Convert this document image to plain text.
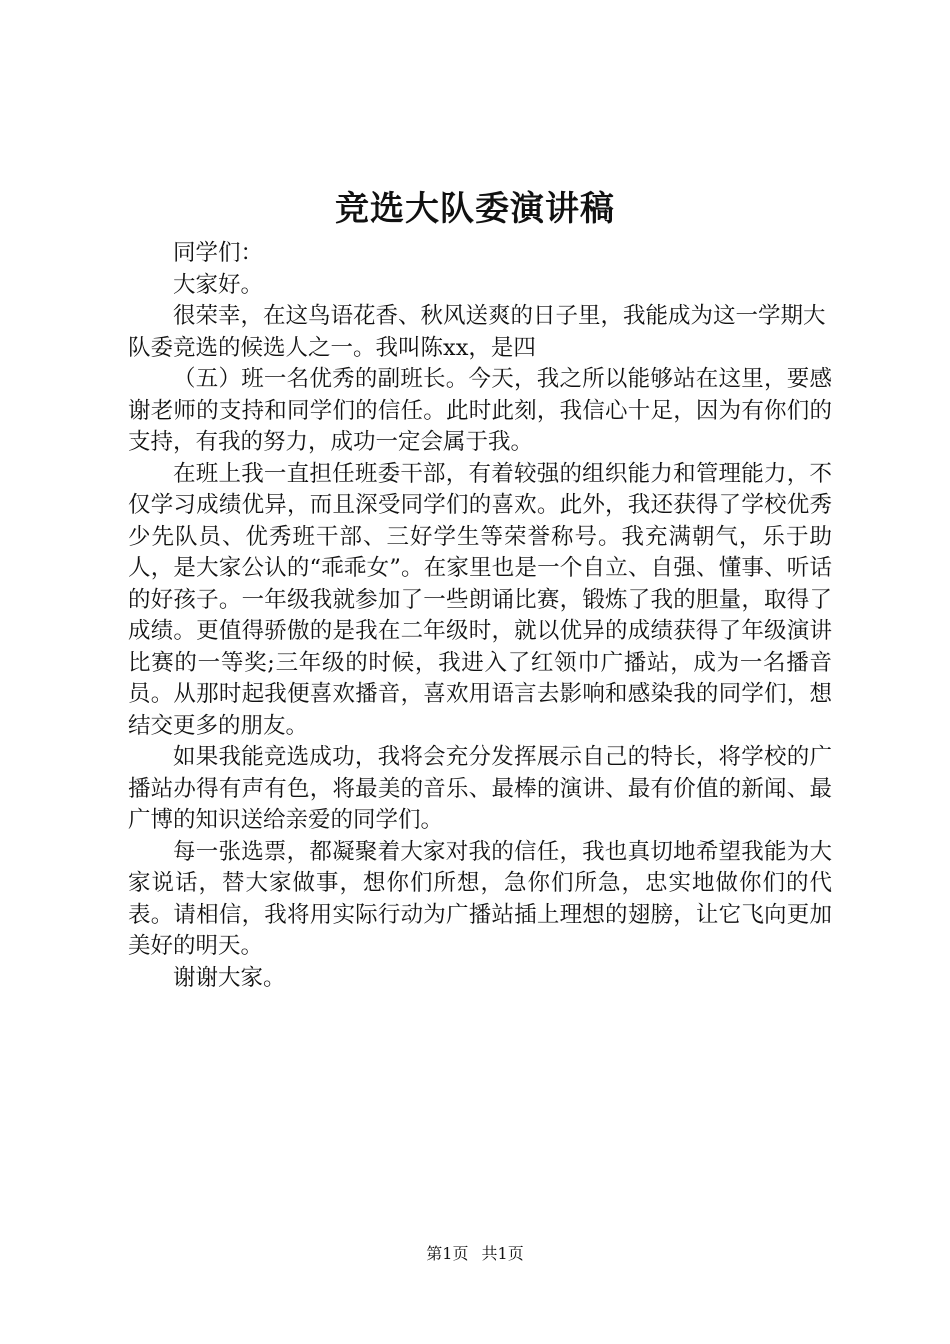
竞选大队委演讲稿

同学们：

大家好。

很荣幸，在这鸟语花香、秋风送爽的日子里，我能成为这一学期大队委竞选的候选人之一。我叫陈xx，是四

（五）班一名优秀的副班长。今天，我之所以能够站在这里，要感谢老师的支持和同学们的信任。此时此刻，我信心十足，因为有你们的支持，有我的努力，成功一定会属于我。

在班上我一直担任班委干部，有着较强的组织能力和管理能力，不仅学习成绩优异，而且深受同学们的喜欢。此外，我还获得了学校优秀少先队员、优秀班干部、三好学生等荣誉称号。我充满朝气，乐于助人，是大家公认的“乖乖女”。在家里也是一个自立、自强、懂事、听话的好孩子。一年级我就参加了一些朗诵比赛，锻炼了我的胆量，取得了成绩。更值得骄傲的是我在二年级时，就以优异的成绩获得了年级演讲比赛的一等奖;三年级的时候，我进入了红领巾广播站，成为一名播音员。从那时起我便喜欢播音，喜欢用语言去影响和感染我的同学们，想结交更多的朋友。

如果我能竞选成功，我将会充分发挥展示自己的特长，将学校的广播站办得有声有色，将最美的音乐、最棒的演讲、最有价值的新闻、最广博的知识送给亲爱的同学们。

每一张选票，都凝聚着大家对我的信任，我也真切地希望我能为大家说话，替大家做事，想你们所想，急你们所急，忠实地做你们的代表。请相信，我将用实际行动为广播站插上理想的翅膀，让它飞向更加美好的明天。

谢谢大家。

第1页 共1页
